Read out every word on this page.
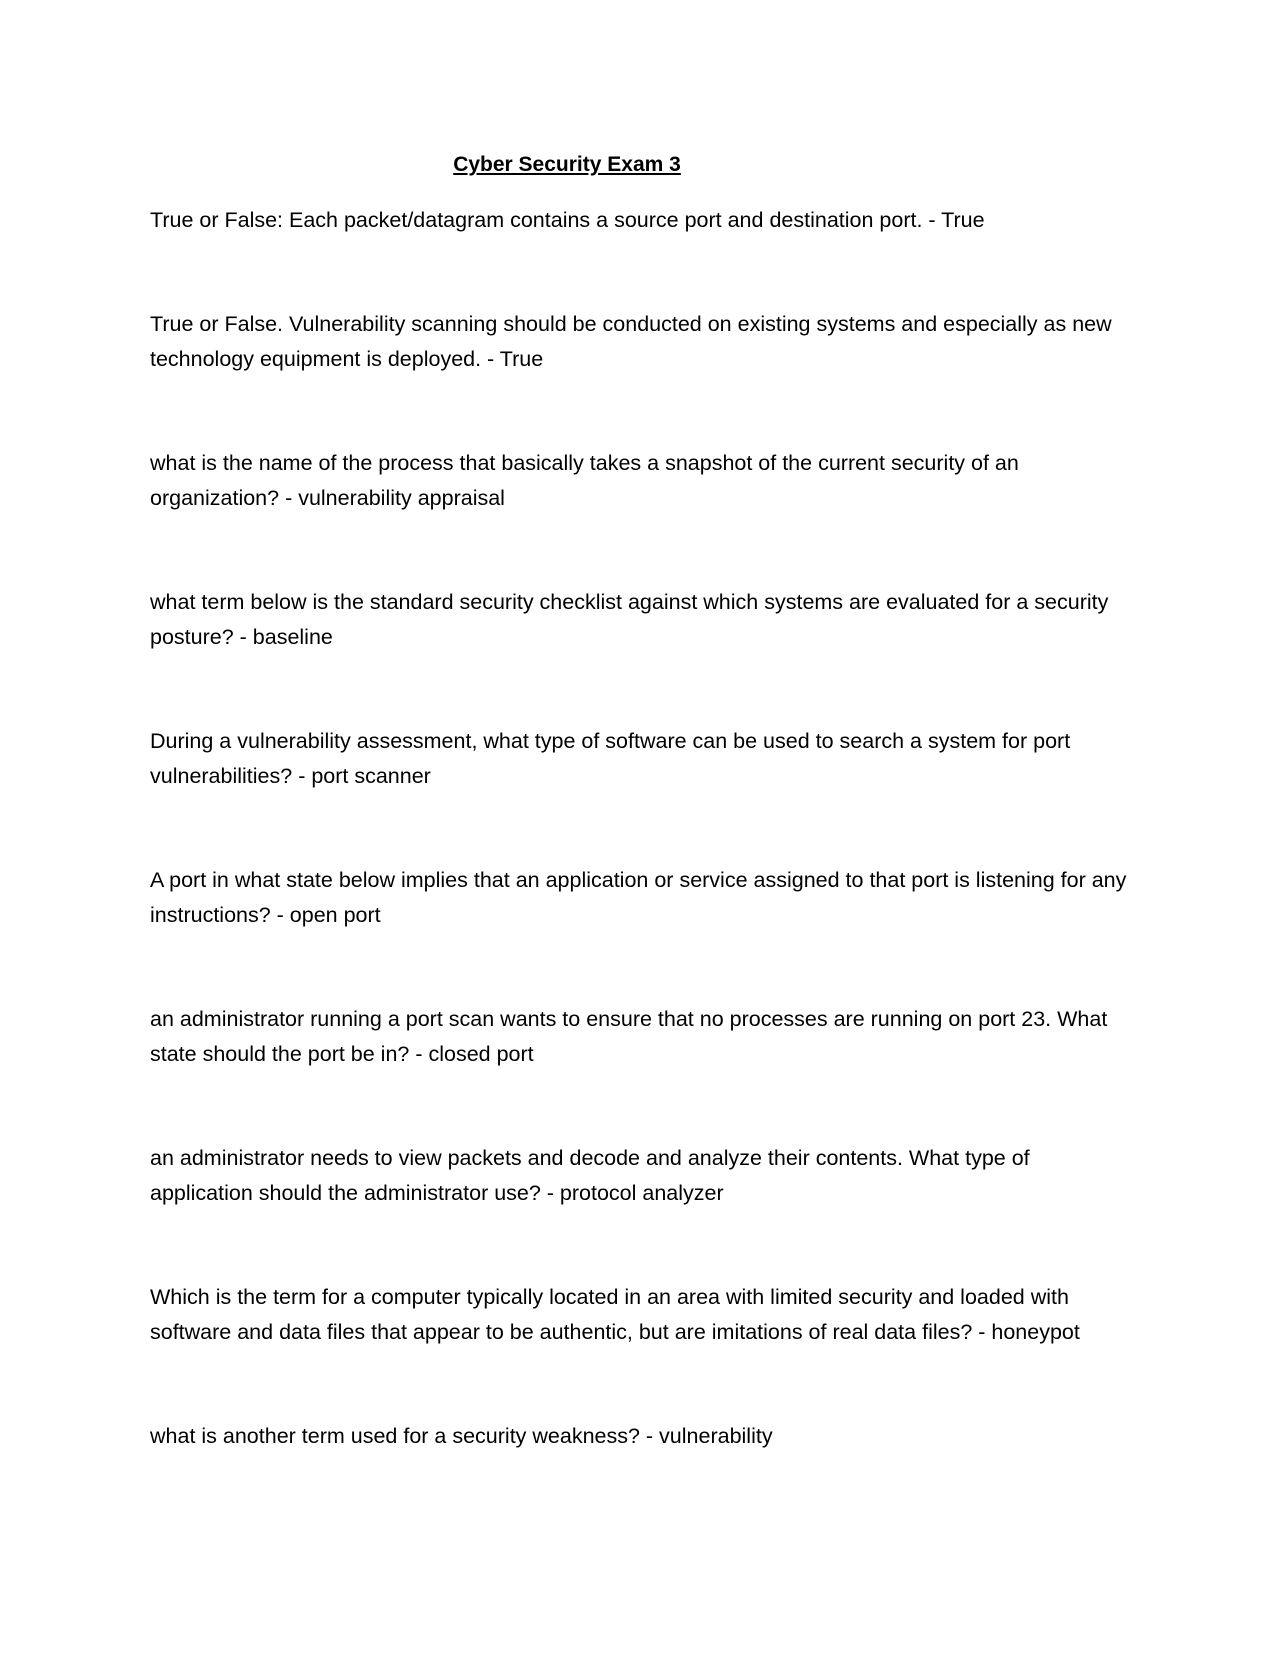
Cyber Security Exam 3

True or False: Each packet/datagram contains a source port and destination port. - True

True or False. Vulnerability scanning should be conducted on existing systems and especially as new technology equipment is deployed. - True

what is the name of the process that basically takes a snapshot of the current security of an organization? - vulnerability appraisal

what term below is the standard security checklist against which systems are evaluated for a security posture? - baseline

During a vulnerability assessment, what type of software can be used to search a system for port vulnerabilities? - port scanner

A port in what state below implies that an application or service assigned to that port is listening for any instructions? - open port

an administrator running a port scan wants to ensure that no processes are running on port 23. What state should the port be in? - closed port

an administrator needs to view packets and decode and analyze their contents. What type of application should the administrator use? - protocol analyzer

Which is the term for a computer typically located in an area with limited security and loaded with software and data files that appear to be authentic, but are imitations of real data files? - honeypot

what is another term used for a security weakness? - vulnerability
